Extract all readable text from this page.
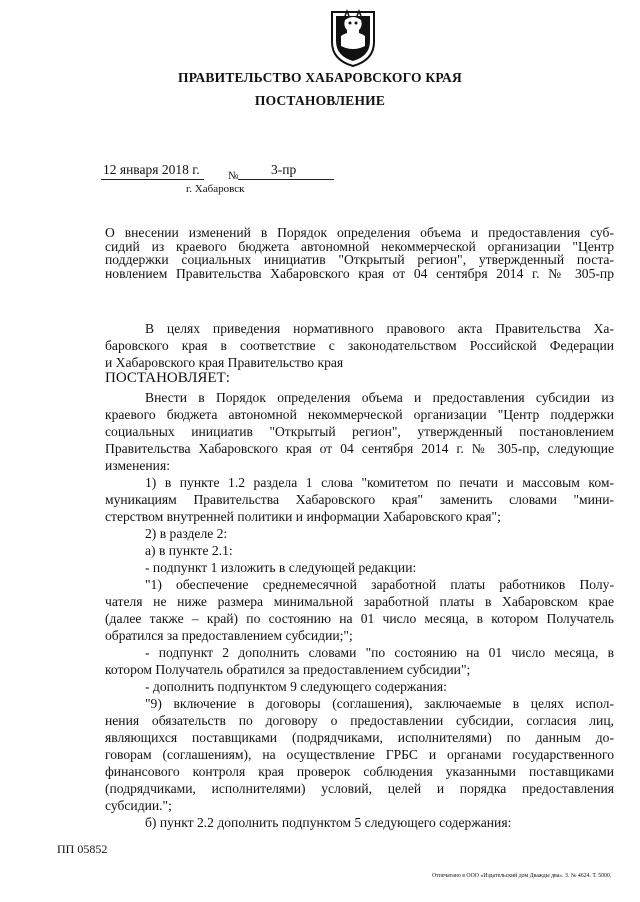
ПРАВИТЕЛЬСТВО ХАБАРОВСКОГО КРАЯ
ПОСТАНОВЛЕНИЕ
12 января 2018 г.	№ 3-пр
г. Хабаровск
О внесении изменений в Порядок определения объема и предоставления суб-
сидий из краевого бюджета автономной некоммерческой организации "Центр
поддержки социальных инициатив "Открытый регион", утвержденный поста-
новлением Правительства Хабаровского края от 04 сентября 2014 г. № 305-пр
В целях приведения нормативного правового акта Правительства Ха-
баровского края в соответствие с законодательством Российской Федерации
и Хабаровского края Правительство края
ПОСТАНОВЛЯЕТ:
Внести в Порядок определения объема и предоставления субсидии из
краевого бюджета автономной некоммерческой организации "Центр поддержки
социальных инициатив "Открытый регион", утвержденный постановлением
Правительства Хабаровского края от 04 сентября 2014 г. № 305-пр, следующие
изменения:
1) в пункте 1.2 раздела 1 слова "комитетом по печати и массовым ком-
муникациям Правительства Хабаровского края" заменить словами "мини-
стерством внутренней политики и информации Хабаровского края";
2) в разделе 2:
а) в пункте 2.1:
- подпункт 1 изложить в следующей редакции:
"1) обеспечение среднемесячной заработной платы работников Полу-
чателя не ниже размера минимальной заработной платы в Хабаровском крае
(далее также – край) по состоянию на 01 число месяца, в котором Получатель
обратился за предоставлением субсидии;";
- подпункт 2 дополнить словами "по состоянию на 01 число месяца, в
котором Получатель обратился за предоставлением субсидии";
- дополнить подпунктом 9 следующего содержания:
"9) включение в договоры (соглашения), заключаемые в целях испол-
нения обязательств по договору о предоставлении субсидии, согласия лиц,
являющихся поставщиками (подрядчиками, исполнителями) по данным до-
говорам (соглашениям), на осуществление ГРБС и органами государственного
финансового контроля края проверок соблюдения указанными поставщиками
(подрядчиками, исполнителями) условий, целей и порядка предоставления
субсидии.";
б) пункт 2.2 дополнить подпунктом 5 следующего содержания:
ПП 05852
Отпечатано в ООО «Издательский дом Дважды два». З. № 4624. Т. 5000.
